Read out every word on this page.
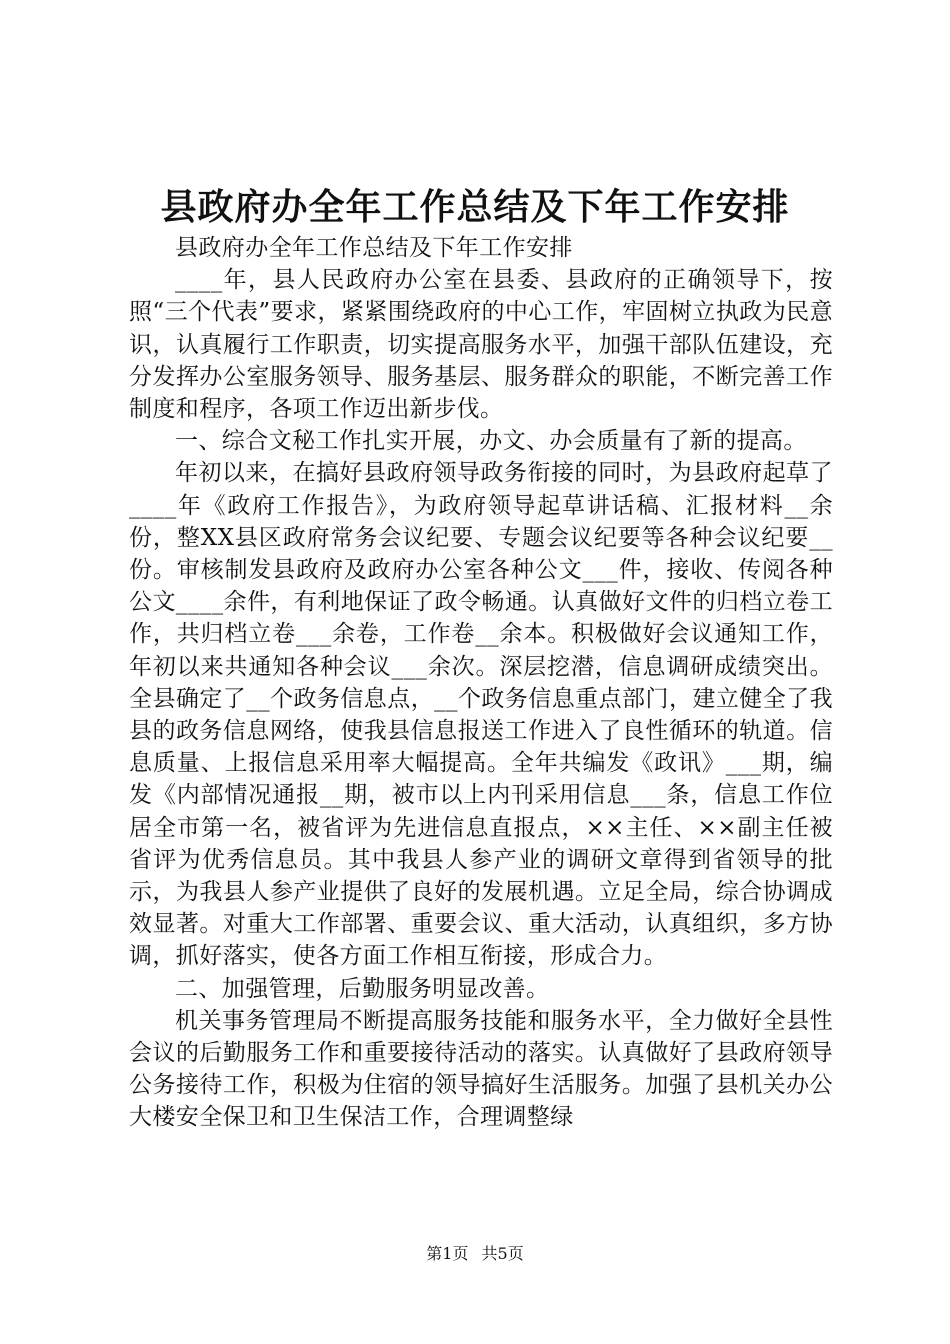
县政府办全年工作总结及下年工作安排

县政府办全年工作总结及下年工作安排

____年，县人民政府办公室在县委、县政府的正确领导下，按照“三个代表”要求，紧紧围绕政府的中心工作，牢固树立执政为民意识，认真履行工作职责，切实提高服务水平，加强干部队伍建设，充分发挥办公室服务领导、服务基层、服务群众的职能，不断完善工作制度和程序，各项工作迈出新步伐。

一、综合文秘工作扎实开展，办文、办会质量有了新的提高。

年初以来，在搞好县政府领导政务衔接的同时，为县政府起草了____年《政府工作报告》，为政府领导起草讲话稿、汇报材料__余份，整XX县区政府常务会议纪要、专题会议纪要等各种会议纪要__份。审核制发县政府及政府办公室各种公文___件，接收、传阅各种公文____余件，有利地保证了政令畅通。认真做好文件的归档立卷工作，共归档立卷___余卷，工作卷__余本。积极做好会议通知工作，年初以来共通知各种会议___余次。深层挖潜，信息调研成绩突出。全县确定了__个政务信息点，__个政务信息重点部门，建立健全了我县的政务信息网络，使我县信息报送工作进入了良性循环的轨道。信息质量、上报信息采用率大幅提高。全年共编发《政讯》___期，编发《内部情况通报__期，被市以上内刊采用信息___条，信息工作位居全市第一名，被省评为先进信息直报点，××主任、××副主任被省评为优秀信息员。其中我县人参产业的调研文章得到省领导的批示，为我县人参产业提供了良好的发展机遇。立足全局，综合协调成效显著。对重大工作部署、重要会议、重大活动，认真组织，多方协调，抓好落实，使各方面工作相互衔接，形成合力。

二、加强管理，后勤服务明显改善。

机关事务管理局不断提高服务技能和服务水平，全力做好全县性会议的后勤服务工作和重要接待活动的落实。认真做好了县政府领导公务接待工作，积极为住宿的领导搞好生活服务。加强了县机关办公大楼安全保卫和卫生保洁工作，合理调整绿

第1页 共5页
